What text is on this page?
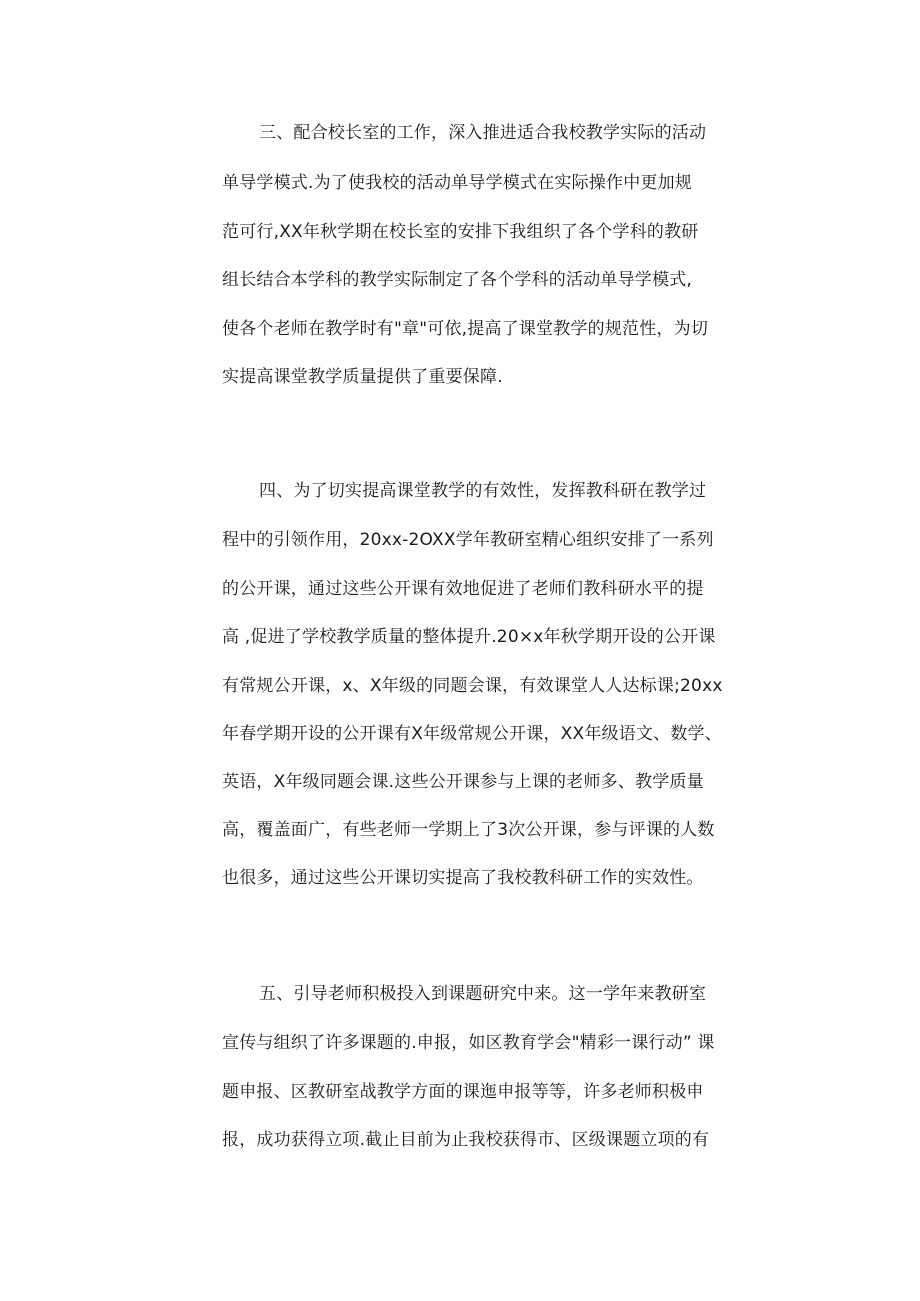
三、配合校长室的工作，深入推进适合我校教学实际的活动
单导学模式.为了使我校的活动单导学模式在实际操作中更加规
范可行,XX年秋学期在校长室的安排下我组织了各个学科的教研
组长结合本学科的教学实际制定了各个学科的活动单导学模式,
使各个老师在教学时有"章"可依,提高了课堂教学的规范性，为切
实提高课堂教学质量提供了重要保障.
四、为了切实提高课堂教学的有效性，发挥教科研在教学过
程中的引领作用，20xx-2OXX学年教研室精心组织安排了一系列
的公开课，通过这些公开课有效地促进了老师们教科研水平的提
高 ,促进了学校教学质量的整体提升.20×x年秋学期开设的公开课
有常规公开课，x、X年级的同题会课，有效课堂人人达标课;20xx
年春学期开设的公开课有X年级常规公开课，XX年级语文、数学、
英语，X年级同题会课.这些公开课参与上课的老师多、教学质量
高，覆盖面广，有些老师一学期上了3次公开课，参与评课的人数
也很多，通过这些公开课切实提高了我校教科研工作的实效性。
五、引导老师积极投入到课题研究中来。这一学年来教研室
宣传与组织了许多课题的.申报，如区教育学会"精彩一课行动” 课
题申报、区教研室战教学方面的课迤申报等等，许多老师积极申
报，成功获得立项.截止目前为止我校获得市、区级课题立项的有
